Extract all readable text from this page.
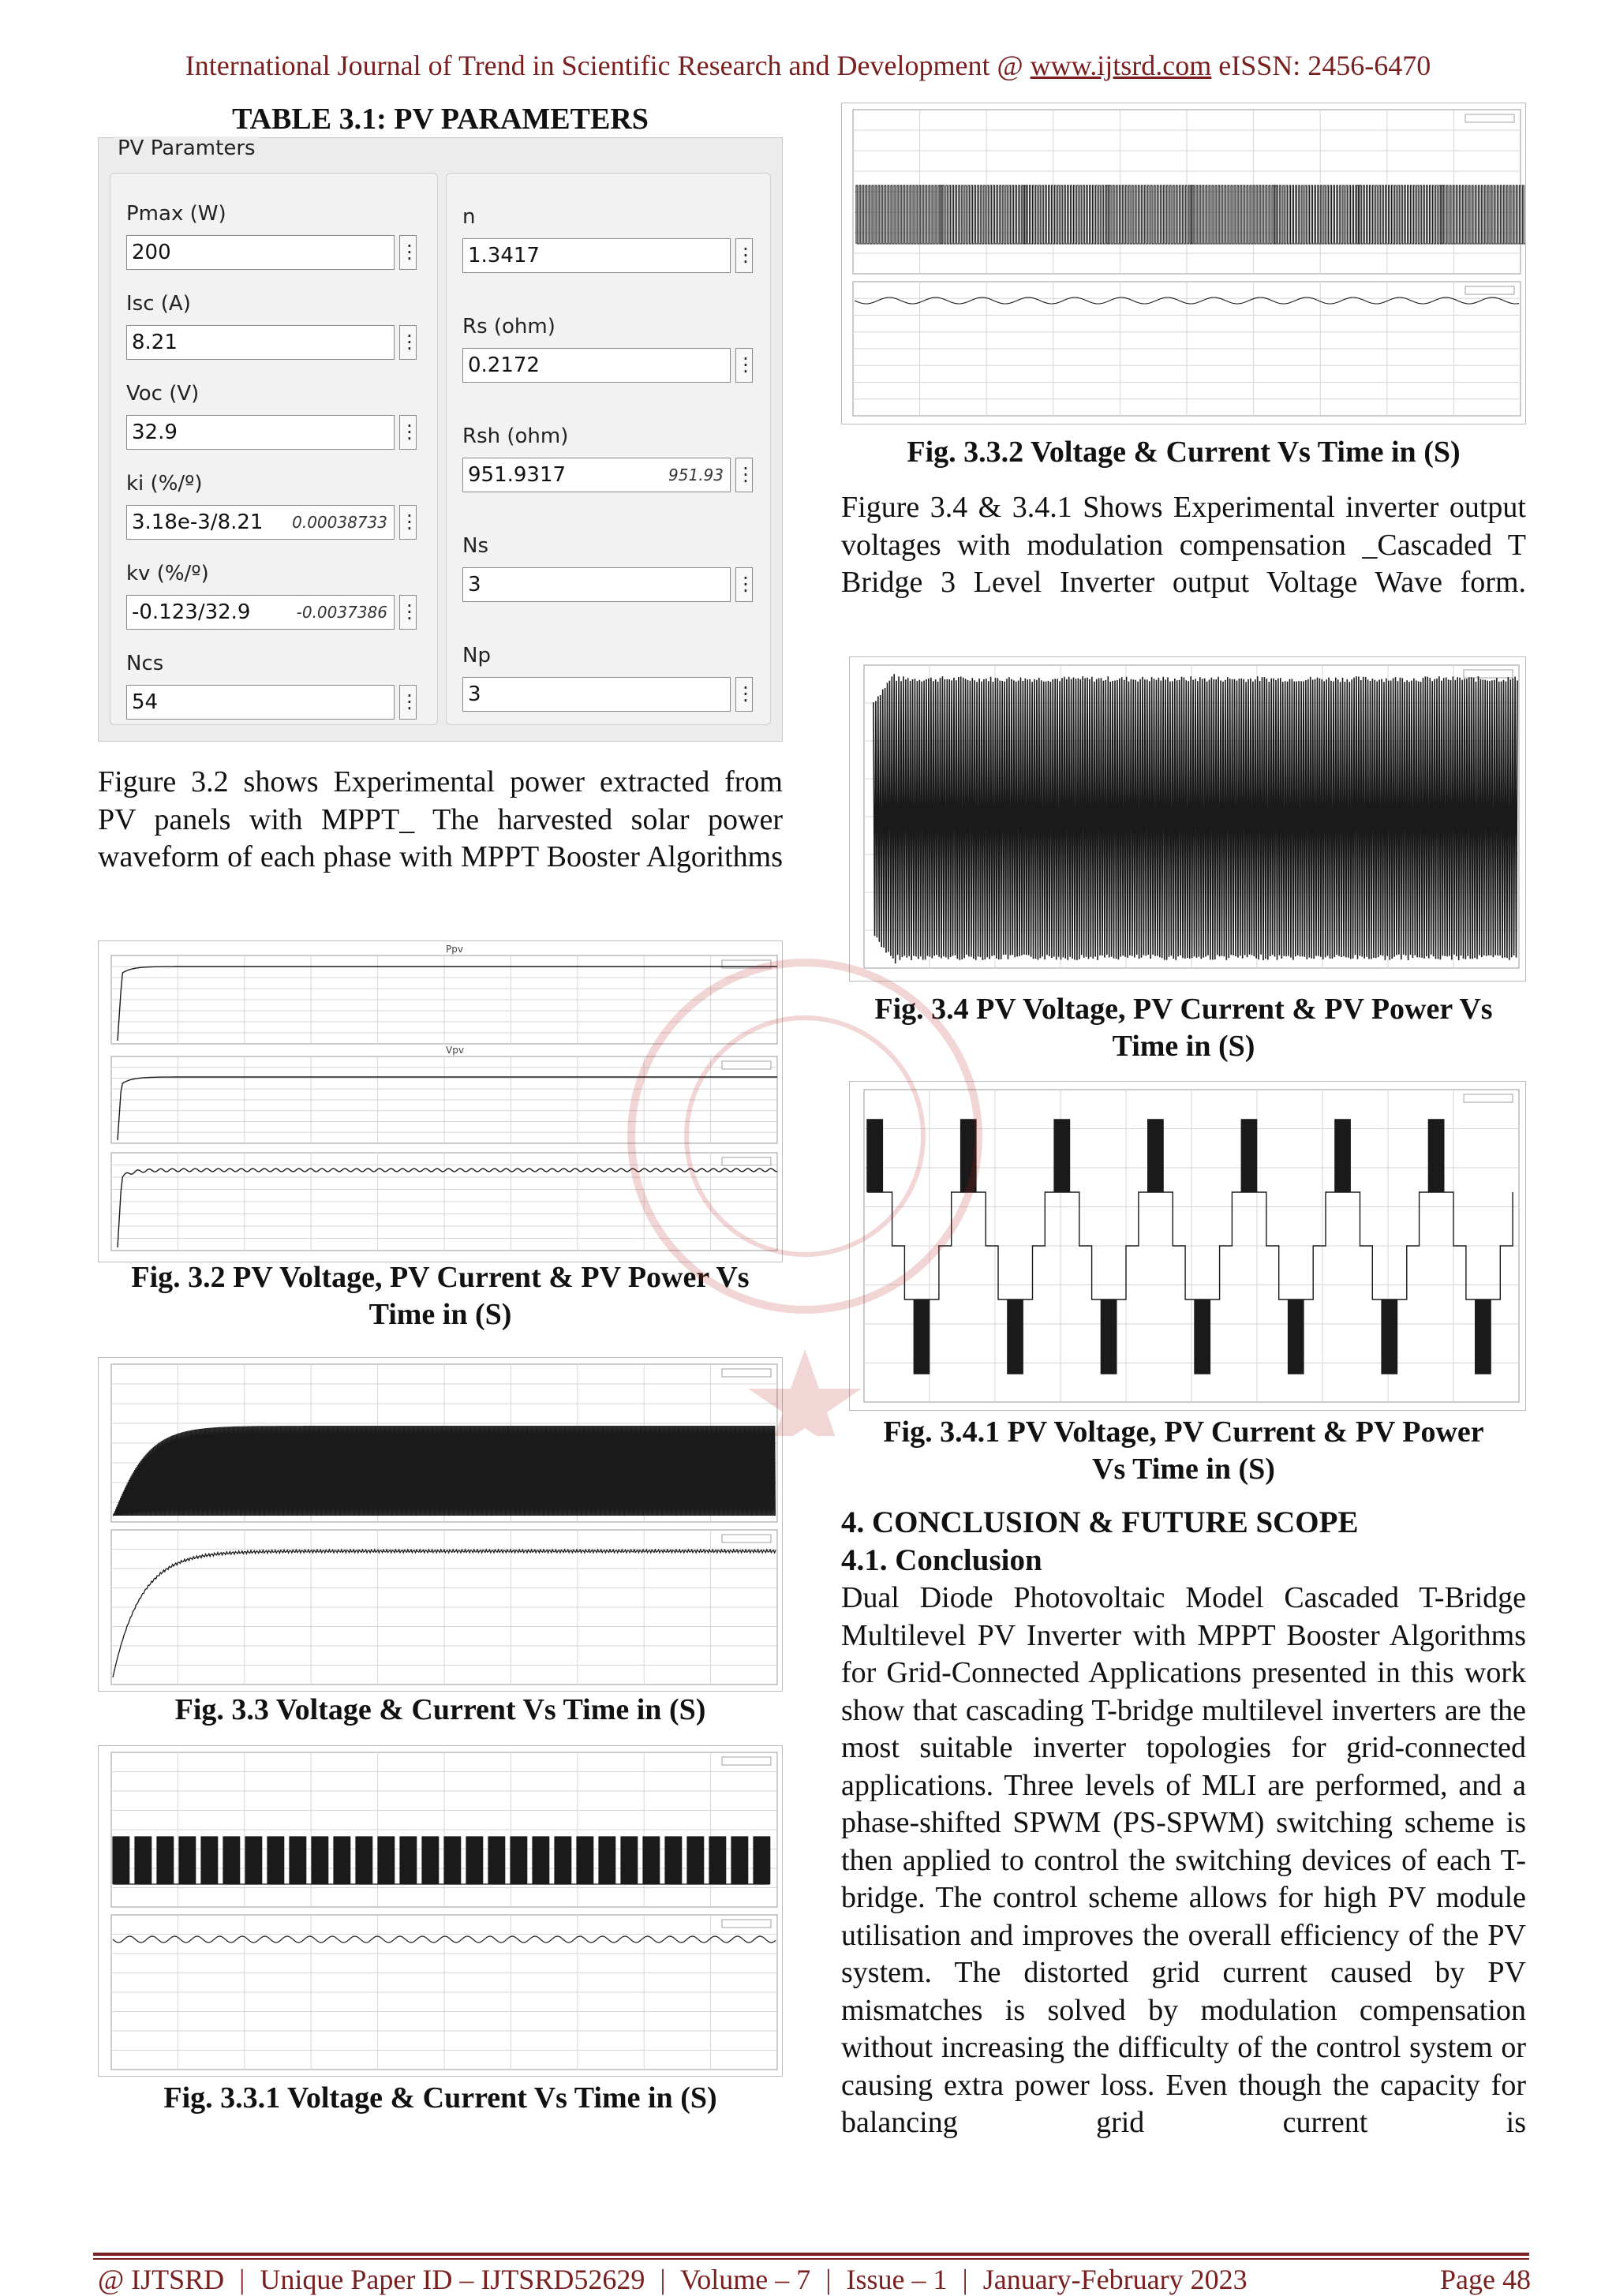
International Journal of Trend in Scientific Research and Development @ www.ijtsrd.com eISSN: 2456-6470
TABLE 3.1: PV PARAMETERS
PV Paramters
Pmax (W)
200	⋮
Isc (A)
8.21	⋮
Voc (V)
32.9	⋮
ki (%/º)
3.18e-3/8.21 0.00038733 ⋮
kv (%/º)
-0.123/32.9	-0.0037386 ⋮
Ncs
54	⋮
n
1.3417	⋮
Rs (ohm)
0.2172	⋮
Rsh (ohm)
951.9317	951.93 ⋮
Ns
3	⋮
Np
3	⋮
Figure 3.2 shows Experimental power extracted from PV panels with MPPT_ The harvested solar power waveform of each phase with MPPT Booster Algorithms
Ppv
Vpv
Fig. 3.2 PV Voltage, PV Current & PV Power Vs
Time in (S)
Fig. 3.3 Voltage & Current Vs Time in (S)
Fig. 3.3.1 Voltage & Current Vs Time in (S)
Fig. 3.3.2 Voltage & Current Vs Time in (S)
Figure 3.4 & 3.4.1 Shows Experimental inverter output voltages with modulation compensation _Cascaded T Bridge 3 Level Inverter output Voltage Wave form.
Fig. 3.4 PV Voltage, PV Current & PV Power Vs
Time in (S)
Fig. 3.4.1 PV Voltage, PV Current & PV Power
Vs Time in (S)
4. CONCLUSION & FUTURE SCOPE
4.1. Conclusion
Dual Diode Photovoltaic Model Cascaded T-Bridge Multilevel PV Inverter with MPPT Booster Algorithms for Grid-Connected Applications presented in this work show that cascading T-bridge multilevel inverters are the most suitable inverter topologies for grid-connected applications. Three levels of MLI are performed, and a phase-shifted SPWM (PS-SPWM) switching scheme is then applied to control the switching devices of each T-bridge. The control scheme allows for high PV module utilisation and improves the overall efficiency of the PV system. The distorted grid current caused by PV mismatches is solved by modulation compensation without increasing the difficulty of the control system or causing extra power loss. Even though the capacity for balancing grid current is
@ IJTSRD | Unique Paper ID – IJTSRD52629 | Volume – 7 | Issue – 1 | January-February 2023	Page 48
